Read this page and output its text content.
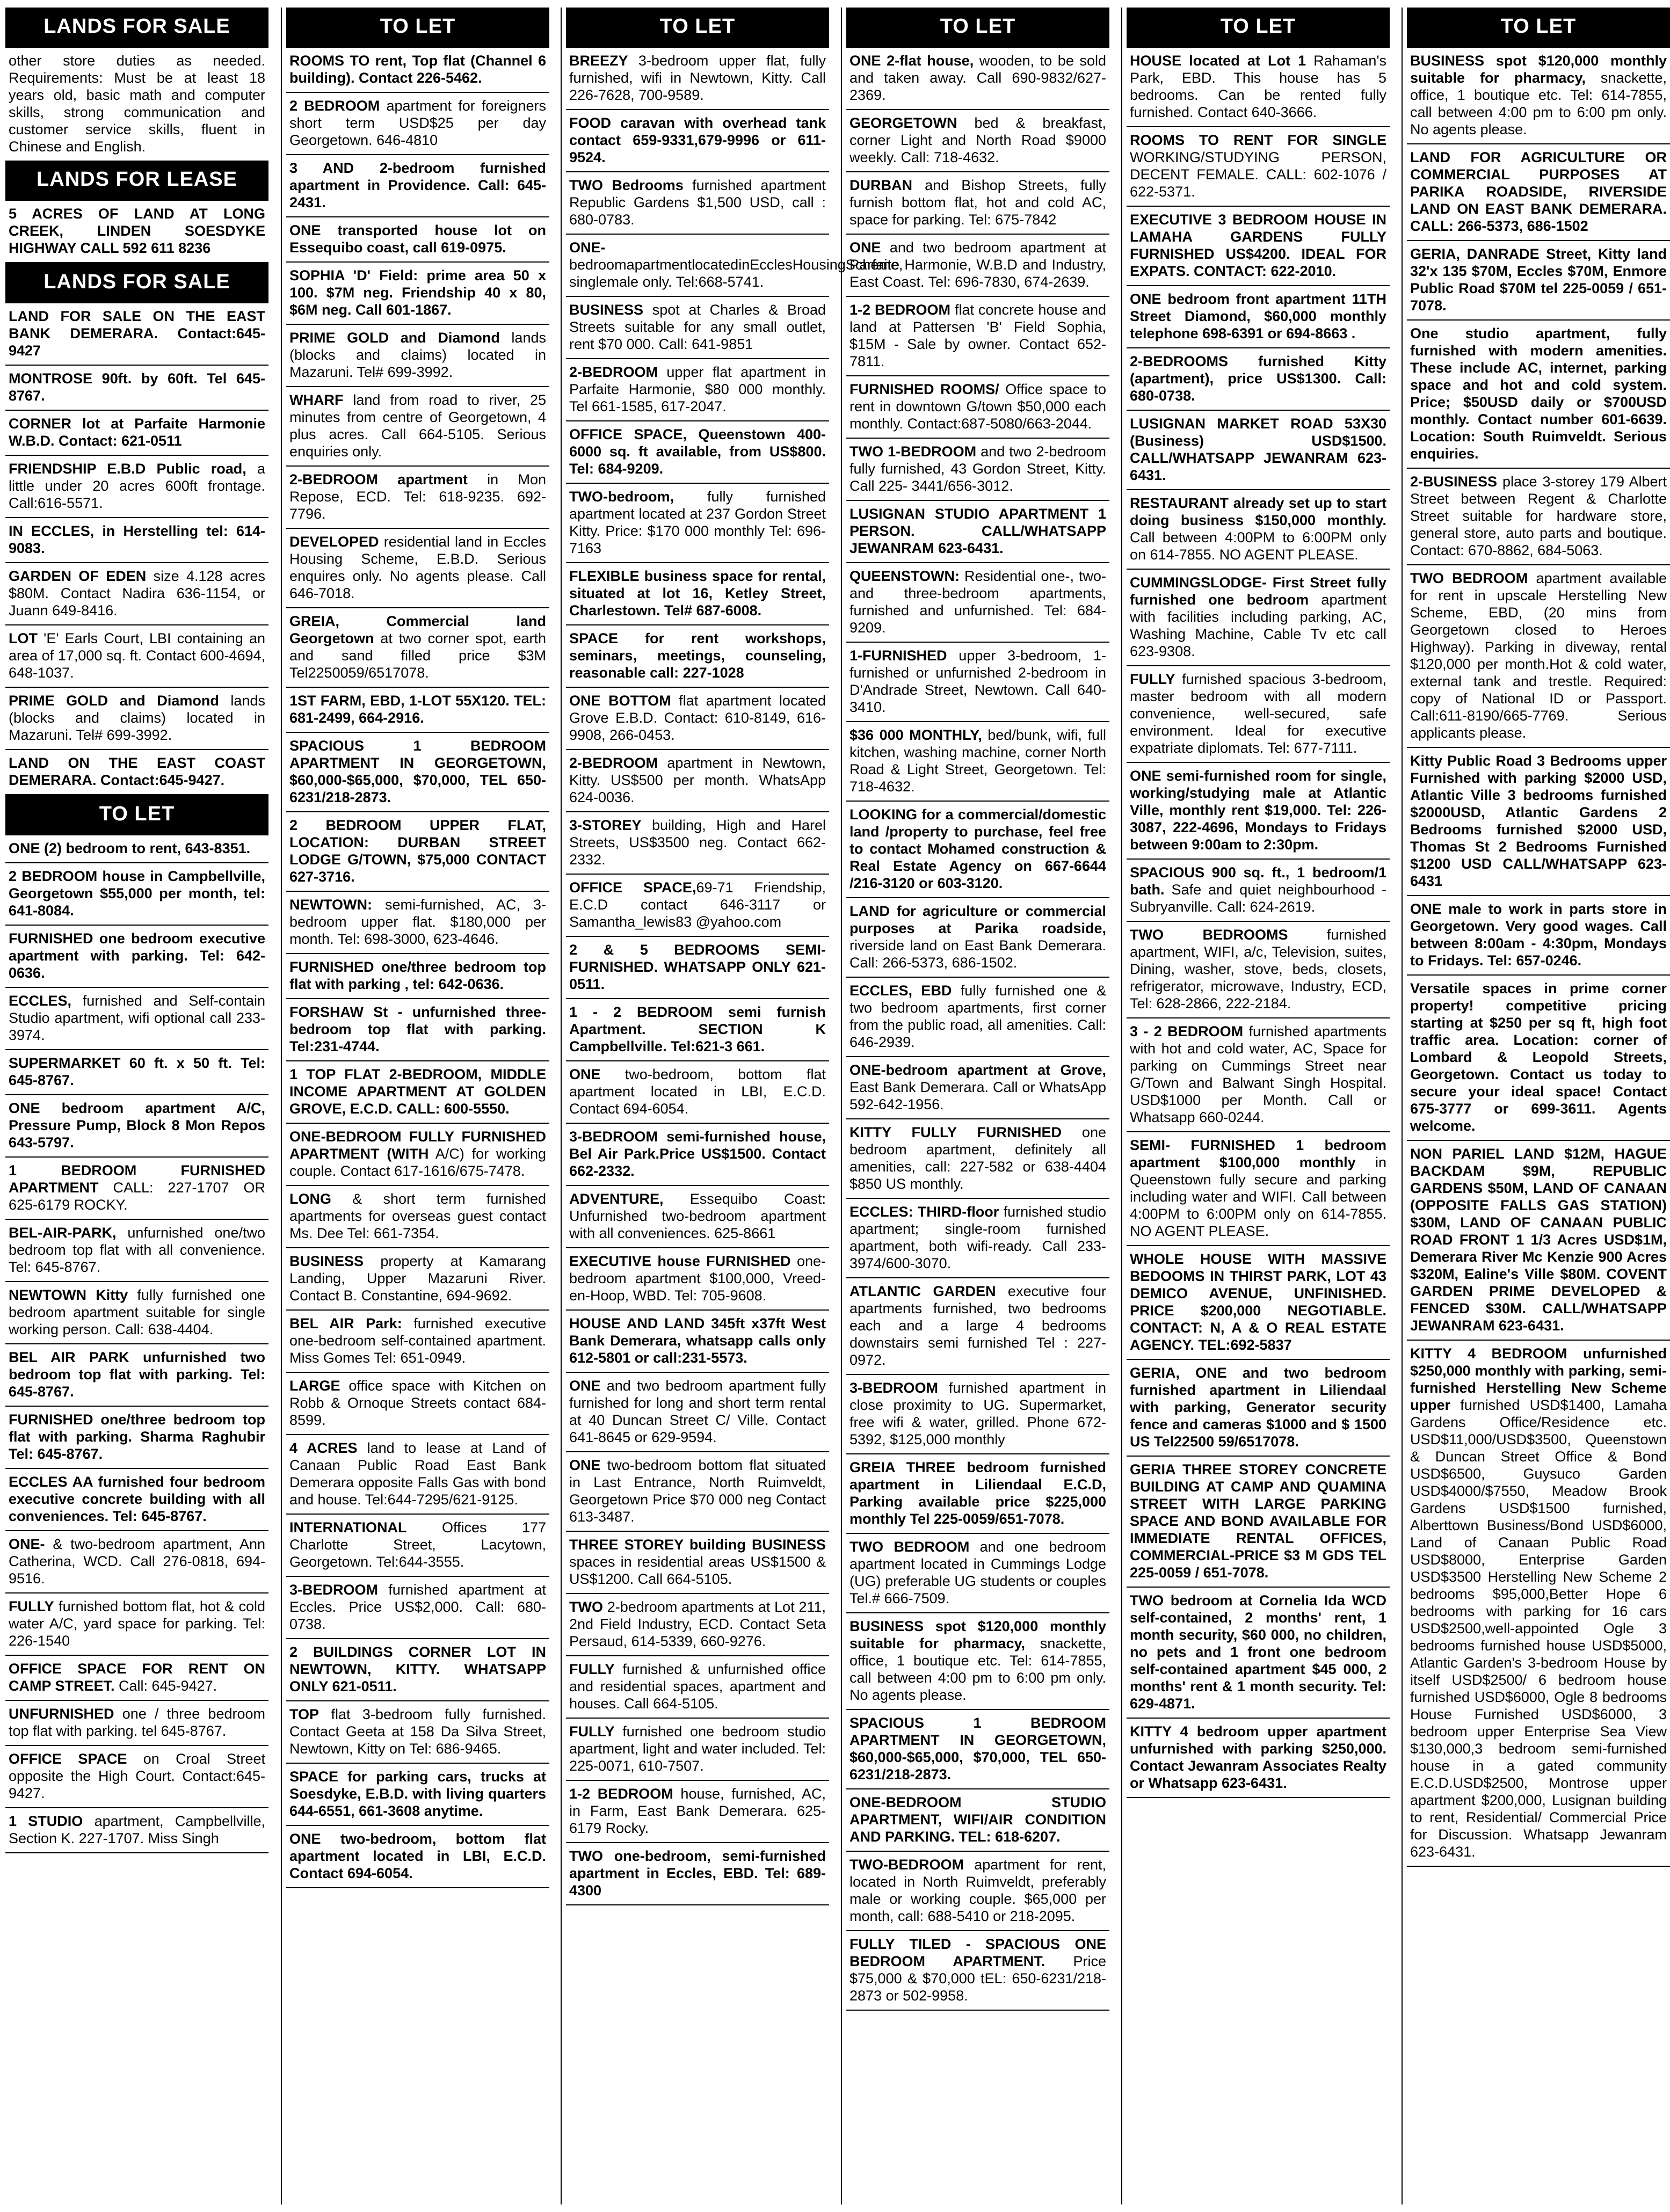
LANDS FOR SALE
other store duties as needed. Requirements: Must be at least 18 years old, basic math and computer skills, strong communication and customer service skills, fluent in Chinese and English.
LANDS FOR LEASE
5 ACRES OF LAND AT LONG CREEK, LINDEN SOESDYKE HIGHWAY CALL 592 611 8236
LANDS FOR SALE
LAND FOR SALE ON THE EAST BANK DEMERARA. Contact:645-9427
MONTROSE 90ft. by 60ft. Tel 645-8767.
CORNER lot at Parfaite Harmonie W.B.D. Contact: 621-0511
FRIENDSHIP E.B.D Public road, a little under 20 acres 600ft frontage. Call:616-5571.
IN ECCLES, in Herstelling tel: 614-9083.
GARDEN OF EDEN size 4.128 acres $80M. Contact Nadira 636-1154, or Juann 649-8416.
LOT 'E' Earls Court, LBI containing an area of 17,000 sq. ft. Contact 600-4694, 648-1037.
PRIME GOLD and Diamond lands (blocks and claims) located in Mazaruni. Tel# 699-3992.
LAND ON THE EAST COAST DEMERARA. Contact:645-9427.
TO LET
ONE (2) bedroom to rent, 643-8351.
2 BEDROOM house in Campbellville, Georgetown $55,000 per month, tel: 641-8084.
FURNISHED one bedroom executive apartment with parking. Tel: 642-0636.
ECCLES, furnished and Self-contain Studio apartment, wifi optional call 233-3974.
SUPERMARKET 60 ft. x 50 ft. Tel: 645-8767.
ONE bedroom apartment A/C, Pressure Pump, Block 8 Mon Repos 643-5797.
1 BEDROOM FURNISHED APARTMENT CALL: 227-1707 OR 625-6179 ROCKY.
BEL-AIR-PARK, unfurnished one/two bedroom top flat with all convenience. Tel: 645-8767.
NEWTOWN Kitty fully furnished one bedroom apartment suitable for single working person. Call: 638-4404.
BEL AIR PARK unfurnished two bedroom top flat with parking. Tel: 645-8767.
FURNISHED one/three bedroom top flat with parking. Sharma Raghubir Tel: 645-8767.
ECCLES AA furnished four bedroom executive concrete building with all conveniences. Tel: 645-8767.
ONE- & two-bedroom apartment, Ann Catherina, WCD. Call 276-0818, 694-9516.
FULLY furnished bottom flat, hot & cold water A/C, yard space for parking. Tel: 226-1540
OFFICE SPACE FOR RENT ON CAMP STREET. Call: 645-9427.
UNFURNISHED one / three bedroom top flat with parking. tel 645-8767.
OFFICE SPACE on Croal Street opposite the High Court. Contact:645-9427.
1 STUDIO apartment, Campbellville, Section K. 227-1707. Miss Singh
TO LET
ROOMS TO rent, Top flat (Channel 6 building). Contact 226-5462.
2 BEDROOM apartment for foreigners short term USD$25 per day Georgetown. 646-4810
3 AND 2-bedroom furnished apartment in Providence. Call: 645-2431.
ONE transported house lot on Essequibo coast, call 619-0975.
SOPHIA 'D' Field: prime area 50 x 100. $7M neg. Friendship 40 x 80, $6M neg. Call 601-1867.
PRIME GOLD and Diamond lands (blocks and claims) located in Mazaruni. Tel# 699-3992.
WHARF land from road to river, 25 minutes from centre of Georgetown, 4 plus acres. Call 664-5105. Serious enquiries only.
2-BEDROOM apartment in Mon Repose, ECD. Tel: 618-9235. 692-7796.
DEVELOPED residential land in Eccles Housing Scheme, E.B.D. Serious enquires only. No agents please. Call 646-7018.
GREIA, Commercial land Georgetown at two corner spot, earth and sand filled price $3M Tel2250059/6517078.
1ST FARM, EBD, 1-LOT 55X120. TEL: 681-2499, 664-2916.
SPACIOUS 1 BEDROOM APARTMENT IN GEORGETOWN, $60,000-$65,000, $70,000, TEL 650-6231/218-2873.
2 BEDROOM UPPER FLAT, LOCATION: DURBAN STREET LODGE G/TOWN, $75,000 CONTACT 627-3716.
NEWTOWN: semi-furnished, AC, 3-bedroom upper flat. $180,000 per month. Tel: 698-3000, 623-4646.
FURNISHED one/three bedroom top flat with parking , tel: 642-0636.
FORSHAW St - unfurnished three-bedroom top flat with parking. Tel:231-4744.
1 TOP FLAT 2-BEDROOM, MIDDLE INCOME APARTMENT AT GOLDEN GROVE, E.C.D. CALL: 600-5550.
ONE-BEDROOM FULLY FURNISHED APARTMENT (WITH A/C) for working couple. Contact 617-1616/675-7478.
LONG & short term furnished apartments for overseas guest contact Ms. Dee Tel: 661-7354.
BUSINESS property at Kamarang Landing, Upper Mazaruni River. Contact B. Constantine, 694-9692.
BEL AIR Park: furnished executive one-bedroom self-contained apartment. Miss Gomes Tel: 651-0949.
LARGE office space with Kitchen on Robb & Ornoque Streets contact 684-8599.
4 ACRES land to lease at Land of Canaan Public Road East Bank Demerara opposite Falls Gas with bond and house. Tel:644-7295/621-9125.
INTERNATIONAL Offices 177 Charlotte Street, Lacytown, Georgetown. Tel:644-3555.
3-BEDROOM furnished apartment at Eccles. Price US$2,000. Call: 680-0738.
2 BUILDINGS CORNER LOT IN NEWTOWN, KITTY. WHATSAPP ONLY 621-0511.
TOP flat 3-bedroom fully furnished. Contact Geeta at 158 Da Silva Street, Newtown, Kitty on Tel: 686-9465.
SPACE for parking cars, trucks at Soesdyke, E.B.D. with living quarters 644-6551, 661-3608 anytime.
ONE two-bedroom, bottom flat apartment located in LBI, E.C.D. Contact 694-6054.
TO LET
BREEZY 3-bedroom upper flat, fully furnished, wifi in Newtown, Kitty. Call 226-7628, 700-9589.
FOOD caravan with overhead tank contact 659-9331,679-9996 or 611-9524.
TWO Bedrooms furnished apartment Republic Gardens $1,500 USD, call : 680-0783.
ONE-bedroomapartmentlocatedinEcclesHousingScheme, singlemale only. Tel:668-5741.
BUSINESS spot at Charles & Broad Streets suitable for any small outlet, rent $70 000. Call: 641-9851
2-BEDROOM upper flat apartment in Parfaite Harmonie, $80 000 monthly. Tel 661-1585, 617-2047.
OFFICE SPACE, Queenstown 400-6000 sq. ft available, from US$800. Tel: 684-9209.
TWO-bedroom, fully furnished apartment located at 237 Gordon Street Kitty. Price: $170 000 monthly Tel: 696-7163
FLEXIBLE business space for rental, situated at lot 16, Ketley Street, Charlestown. Tel# 687-6008.
SPACE for rent workshops, seminars, meetings, counseling, reasonable call: 227-1028
ONE BOTTOM flat apartment located Grove E.B.D. Contact: 610-8149, 616-9908, 266-0453.
2-BEDROOM apartment in Newtown, Kitty. US$500 per month. WhatsApp 624-0036.
3-STOREY building, High and Harel Streets, US$3500 neg. Contact 662-2332.
OFFICE SPACE,69-71 Friendship, E.C.D contact 646-3117 or Samantha_lewis83 @yahoo.com
2 & 5 BEDROOMS SEMI-FURNISHED. WHATSAPP ONLY 621-0511.
1 - 2 BEDROOM semi furnish Apartment. SECTION K Campbellville. Tel:621-3 661.
ONE two-bedroom, bottom flat apartment located in LBI, E.C.D. Contact 694-6054.
3-BEDROOM semi-furnished house, Bel Air Park.Price US$1500. Contact 662-2332.
ADVENTURE, Essequibo Coast: Unfurnished two-bedroom apartment with all conveniences. 625-8661
EXECUTIVE house FURNISHED one-bedroom apartment $100,000, Vreed-en-Hoop, WBD. Tel: 705-9608.
HOUSE AND LAND 345ft x37ft West Bank Demerara, whatsapp calls only 612-5801 or call:231-5573.
ONE and two bedroom apartment fully furnished for long and short term rental at 40 Duncan Street C/ Ville. Contact 641-8645 or 629-9594.
ONE two-bedroom bottom flat situated in Last Entrance, North Ruimveldt, Georgetown Price $70 000 neg Contact 613-3487.
THREE STOREY building BUSINESS spaces in residential areas US$1500 & US$1200. Call 664-5105.
TWO 2-bedroom apartments at Lot 211, 2nd Field Industry, ECD. Contact Seta Persaud, 614-5339, 660-9276.
FULLY furnished & unfurnished office and residential spaces, apartment and houses. Call 664-5105.
FULLY furnished one bedroom studio apartment, light and water included. Tel: 225-0071, 610-7507.
1-2 BEDROOM house, furnished, AC, in Farm, East Bank Demerara. 625-6179 Rocky.
TWO one-bedroom, semi-furnished apartment in Eccles, EBD. Tel: 689-4300
TO LET
ONE 2-flat house, wooden, to be sold and taken away. Call 690-9832/627-2369.
GEORGETOWN bed & breakfast, corner Light and North Road $9000 weekly. Call: 718-4632.
DURBAN and Bishop Streets, fully furnish bottom flat, hot and cold AC, space for parking. Tel: 675-7842
ONE and two bedroom apartment at Parfaite Harmonie, W.B.D and Industry, East Coast. Tel: 696-7830, 674-2639.
1-2 BEDROOM flat concrete house and land at Pattersen 'B' Field Sophia, $15M - Sale by owner. Contact 652-7811.
FURNISHED ROOMS/ Office space to rent in downtown G/town $50,000 each monthly. Contact:687-5080/663-2044.
TWO 1-BEDROOM and two 2-bedroom fully furnished, 43 Gordon Street, Kitty. Call 225- 3441/656-3012.
LUSIGNAN STUDIO APARTMENT 1 PERSON. CALL/WHATSAPP JEWANRAM 623-6431.
QUEENSTOWN: Residential one-, two- and three-bedroom apartments, furnished and unfurnished. Tel: 684-9209.
1-FURNISHED upper 3-bedroom, 1-furnished or unfurnished 2-bedroom in D'Andrade Street, Newtown. Call 640-3410.
$36 000 MONTHLY, bed/bunk, wifi, full kitchen, washing machine, corner North Road & Light Street, Georgetown. Tel: 718-4632.
LOOKING for a commercial/domestic land /property to purchase, feel free to contact Mohamed construction & Real Estate Agency on 667-6644 /216-3120 or 603-3120.
LAND for agriculture or commercial purposes at Parika roadside, riverside land on East Bank Demerara. Call: 266-5373, 686-1502.
ECCLES, EBD fully furnished one & two bedroom apartments, first corner from the public road, all amenities. Call: 646-2939.
ONE-bedroom apartment at Grove, East Bank Demerara. Call or WhatsApp 592-642-1956.
KITTY FULLY FURNISHED one bedroom apartment, definitely all amenities, call: 227-582 or 638-4404 $850 US monthly.
ECCLES: THIRD-floor furnished studio apartment; single-room furnished apartment, both wifi-ready. Call 233-3974/600-3070.
ATLANTIC GARDEN executive four apartments furnished, two bedrooms each and a large 4 bedrooms downstairs semi furnished Tel : 227-0972.
3-BEDROOM furnished apartment in close proximity to UG. Supermarket, free wifi & water, grilled. Phone 672-5392, $125,000 monthly
GREIA THREE bedroom furnished apartment in Liliendaal E.C.D, Parking available price $225,000 monthly Tel 225-0059/651-7078.
TWO BEDROOM and one bedroom apartment located in Cummings Lodge (UG) preferable UG students or couples Tel.# 666-7509.
BUSINESS spot $120,000 monthly suitable for pharmacy, snackette, office, 1 boutique etc. Tel: 614-7855, call between 4:00 pm to 6:00 pm only. No agents please.
SPACIOUS 1 BEDROOM APARTMENT IN GEORGETOWN, $60,000-$65,000, $70,000, TEL 650-6231/218-2873.
ONE-BEDROOM STUDIO APARTMENT, WIFI/AIR CONDITION AND PARKING. TEL: 618-6207.
TWO-BEDROOM apartment for rent, located in North Ruimveldt, preferably male or working couple. $65,000 per month, call: 688-5410 or 218-2095.
FULLY TILED - SPACIOUS ONE BEDROOM APARTMENT. Price $75,000 & $70,000 tEL: 650-6231/218-2873 or 502-9958.
TO LET
HOUSE located at Lot 1 Rahaman's Park, EBD. This house has 5 bedrooms. Can be rented fully furnished. Contact 640-3666.
ROOMS TO RENT FOR SINGLE WORKING/STUDYING PERSON, DECENT FEMALE. CALL: 602-1076 / 622-5371.
EXECUTIVE 3 BEDROOM HOUSE IN LAMAHA GARDENS FULLY FURNISHED US$4200. IDEAL FOR EXPATS. CONTACT: 622-2010.
ONE bedroom front apartment 11TH Street Diamond, $60,000 monthly telephone 698-6391 or 694-8663 .
2-BEDROOMS furnished Kitty (apartment), price US$1300. Call: 680-0738.
LUSIGNAN MARKET ROAD 53X30 (Business) USD$1500. CALL/WHATSAPP JEWANRAM 623-6431.
RESTAURANT already set up to start doing business $150,000 monthly. Call between 4:00PM to 6:00PM only on 614-7855. NO AGENT PLEASE.
CUMMINGSLODGE- First Street fully furnished one bedroom apartment with facilities including parking, AC, Washing Machine, Cable Tv etc call 623-9308.
FULLY furnished spacious 3-bedroom, master bedroom with all modern convenience, well-secured, safe environment. Ideal for executive expatriate diplomats. Tel: 677-7111.
ONE semi-furnished room for single, working/studying male at Atlantic Ville, monthly rent $19,000. Tel: 226-3087, 222-4696, Mondays to Fridays between 9:00am to 2:30pm.
SPACIOUS 900 sq. ft., 1 bedroom/1 bath. Safe and quiet neighbourhood - Subryanville. Call: 624-2619.
TWO BEDROOMS furnished apartment, WIFI, a/c, Television, suites, Dining, washer, stove, beds, closets, refrigerator, microwave, Industry, ECD, Tel: 628-2866, 222-2184.
3 - 2 BEDROOM furnished apartments with hot and cold water, AC, Space for parking on Cummings Street near G/Town and Balwant Singh Hospital. USD$1000 per Month. Call or Whatsapp 660-0244.
SEMI- FURNISHED 1 bedroom apartment $100,000 monthly in Queenstown fully secure and parking including water and WIFI. Call between 4:00PM to 6:00PM only on 614-7855. NO AGENT PLEASE.
WHOLE HOUSE WITH MASSIVE BEDOOMS IN THIRST PARK, LOT 43 DEMICO AVENUE, UNFINISHED. PRICE $200,000 NEGOTIABLE. CONTACT: N, A & O REAL ESTATE AGENCY. TEL:692-5837
GERIA, ONE and two bedroom furnished apartment in Liliendaal with parking, Generator security fence and cameras $1000 and $ 1500 US Tel22500 59/6517078.
GERIA THREE STOREY CONCRETE BUILDING AT CAMP AND QUAMINA STREET WITH LARGE PARKING SPACE AND BOND AVAILABLE FOR IMMEDIATE RENTAL OFFICES, COMMERCIAL-PRICE $3 M GDS TEL 225-0059 / 651-7078.
TWO bedroom at Cornelia Ida WCD self-contained, 2 months' rent, 1 month security, $60 000, no children, no pets and 1 front one bedroom self-contained apartment $45 000, 2 months' rent & 1 month security. Tel: 629-4871.
KITTY 4 bedroom upper apartment unfurnished with parking $250,000. Contact Jewanram Associates Realty or Whatsapp 623-6431.
TO LET
BUSINESS spot $120,000 monthly suitable for pharmacy, snackette, office, 1 boutique etc. Tel: 614-7855, call between 4:00 pm to 6:00 pm only. No agents please.
LAND FOR AGRICULTURE OR COMMERCIAL PURPOSES AT PARIKA ROADSIDE, RIVERSIDE LAND ON EAST BANK DEMERARA. CALL: 266-5373, 686-1502
GERIA, DANRADE Street, Kitty land 32'x 135 $70M, Eccles $70M, Enmore Public Road $70M tel 225-0059 / 651-7078.
One studio apartment, fully furnished with modern amenities. These include AC, internet, parking space and hot and cold system. Price; $50USD daily or $700USD monthly. Contact number 601-6639. Location: South Ruimveldt. Serious enquiries.
2-BUSINESS place 3-storey 179 Albert Street between Regent & Charlotte Street suitable for hardware store, general store, auto parts and boutique. Contact: 670-8862, 684-5063.
TWO BEDROOM apartment available for rent in upscale Herstelling New Scheme, EBD, (20 mins from Georgetown closed to Heroes Highway). Parking in diveway, rental $120,000 per month.Hot & cold water, external tank and trestle. Required: copy of National ID or Passport. Call:611-8190/665-7769. Serious applicants please.
Kitty Public Road 3 Bedrooms upper Furnished with parking $2000 USD, Atlantic Ville 3 bedrooms furnished $2000USD, Atlantic Gardens 2 Bedrooms furnished $2000 USD, Thomas St 2 Bedrooms Furnished $1200 USD CALL/WHATSAPP 623-6431
ONE male to work in parts store in Georgetown. Very good wages. Call between 8:00am - 4:30pm, Mondays to Fridays. Tel: 657-0246.
Versatile spaces in prime corner property! competitive pricing starting at $250 per sq ft, high foot traffic area. Location: corner of Lombard & Leopold Streets, Georgetown. Contact us today to secure your ideal space! Contact 675-3777 or 699-3611. Agents welcome.
NON PARIEL LAND $12M, HAGUE BACKDAM $9M, REPUBLIC GARDENS $50M, LAND OF CANAAN (OPPOSITE FALLS GAS STATION) $30M, LAND OF CANAAN PUBLIC ROAD FRONT 1 1/3 Acres USD$1M, Demerara River Mc Kenzie 900 Acres $320M, Ealine's Ville $80M. COVENT GARDEN PRIME DEVELOPED & FENCED $30M. CALL/WHATSAPP JEWANRAM 623-6431.
KITTY 4 BEDROOM unfurnished $250,000 monthly with parking, semi-furnished Herstelling New Scheme upper furnished USD$1400, Lamaha Gardens Office/Residence etc. USD$11,000/USD$3500, Queenstown & Duncan Street Office & Bond USD$6500, Guysuco Garden USD$4000/$7550, Meadow Brook Gardens USD$1500 furnished, Alberttown Business/Bond USD$6000, Land of Canaan Public Road USD$8000, Enterprise Garden USD$3500 Herstelling New Scheme 2 bedrooms $95,000,Better Hope 6 bedrooms with parking for 16 cars USD$2500,well-appointed Ogle 3 bedrooms furnished house USD$5000, Atlantic Garden's 3-bedroom House by itself USD$2500/ 6 bedroom house furnished USD$6000, Ogle 8 bedrooms House Furnished USD$6000, 3 bedroom upper Enterprise Sea View $130,000,3 bedroom semi-furnished house in a gated community E.C.D.USD$2500, Montrose upper apartment $200,000, Lusignan building to rent, Residential/ Commercial Price for Discussion. Whatsapp Jewanram 623-6431.
